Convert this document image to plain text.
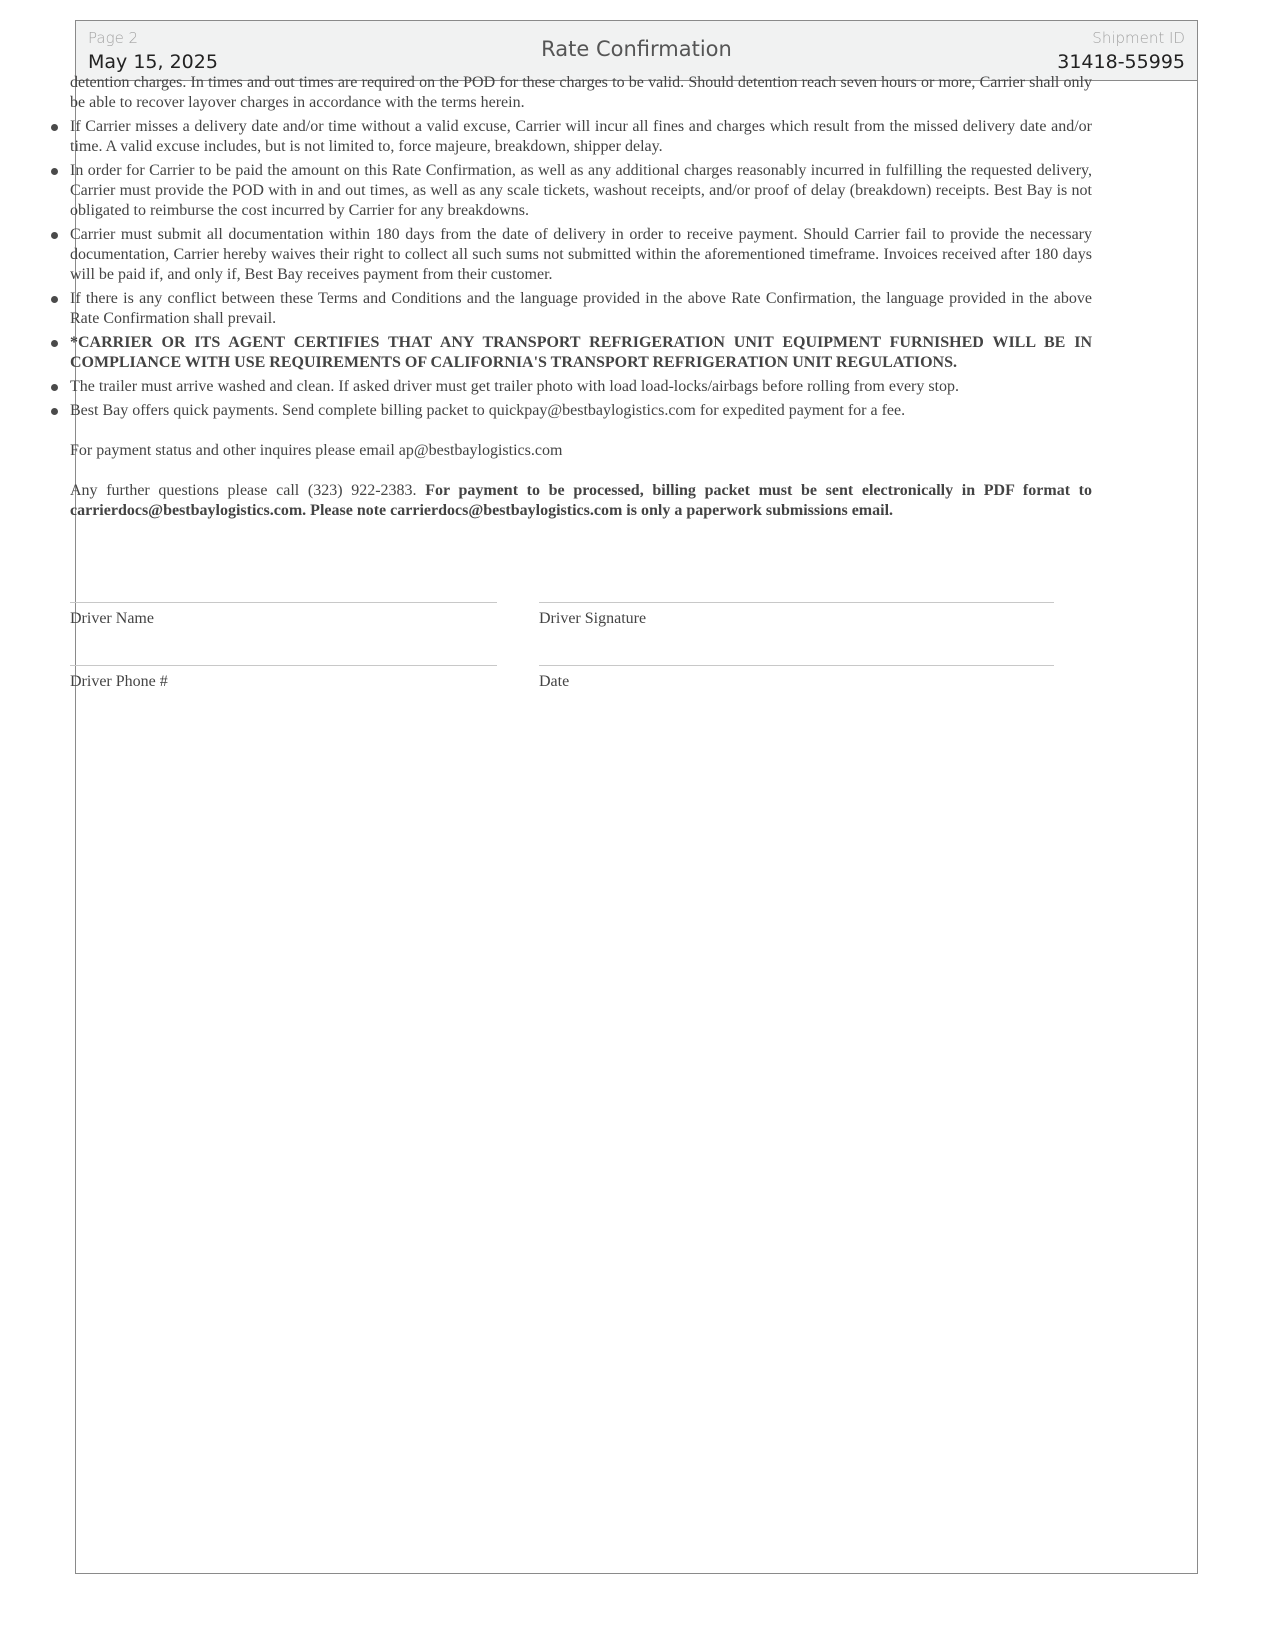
Page 2
May 15, 2025
Rate Confirmation	Shipment ID
31418-55995

detention charges. In times and out times are required on the POD for these charges to be valid. Should detention reach seven hours or more, Carrier shall only be able to recover layover charges in accordance with the terms herein.

If Carrier misses a delivery date and/or time without a valid excuse, Carrier will incur all fines and charges which result from the missed delivery date and/or time. A valid excuse includes, but is not limited to, force majeure, breakdown, shipper delay.
In order for Carrier to be paid the amount on this Rate Confirmation, as well as any additional charges reasonably incurred in fulfilling the requested delivery, Carrier must provide the POD with in and out times, as well as any scale tickets, washout receipts, and/or proof of delay (breakdown) receipts. Best Bay is not obligated to reimburse the cost incurred by Carrier for any breakdowns.
Carrier must submit all documentation within 180 days from the date of delivery in order to receive payment. Should Carrier fail to provide the necessary documentation, Carrier hereby waives their right to collect all such sums not submitted within the aforementioned timeframe. Invoices received after 180 days will be paid if, and only if, Best Bay receives payment from their customer.
If there is any conflict between these Terms and Conditions and the language provided in the above Rate Confirmation, the language provided in the above Rate Confirmation shall prevail.
*CARRIER OR ITS AGENT CERTIFIES THAT ANY TRANSPORT REFRIGERATION UNIT EQUIPMENT FURNISHED WILL BE IN COMPLIANCE WITH USE REQUIREMENTS OF CALIFORNIA'S TRANSPORT REFRIGERATION UNIT REGULATIONS.
The trailer must arrive washed and clean. If asked driver must get trailer photo with load load-locks/airbags before rolling from every stop.
Best Bay offers quick payments. Send complete billing packet to quickpay@bestbaylogistics.com for expedited payment for a fee.

For payment status and other inquires please email ap@bestbaylogistics.com

Any further questions please call (323) 922-2383. For payment to be processed, billing packet must be sent electronically in PDF format to carrierdocs@bestbaylogistics.com. Please note carrierdocs@bestbaylogistics.com is only a paperwork submissions email.

Driver Name	Driver Signature
Driver Phone #	Date
